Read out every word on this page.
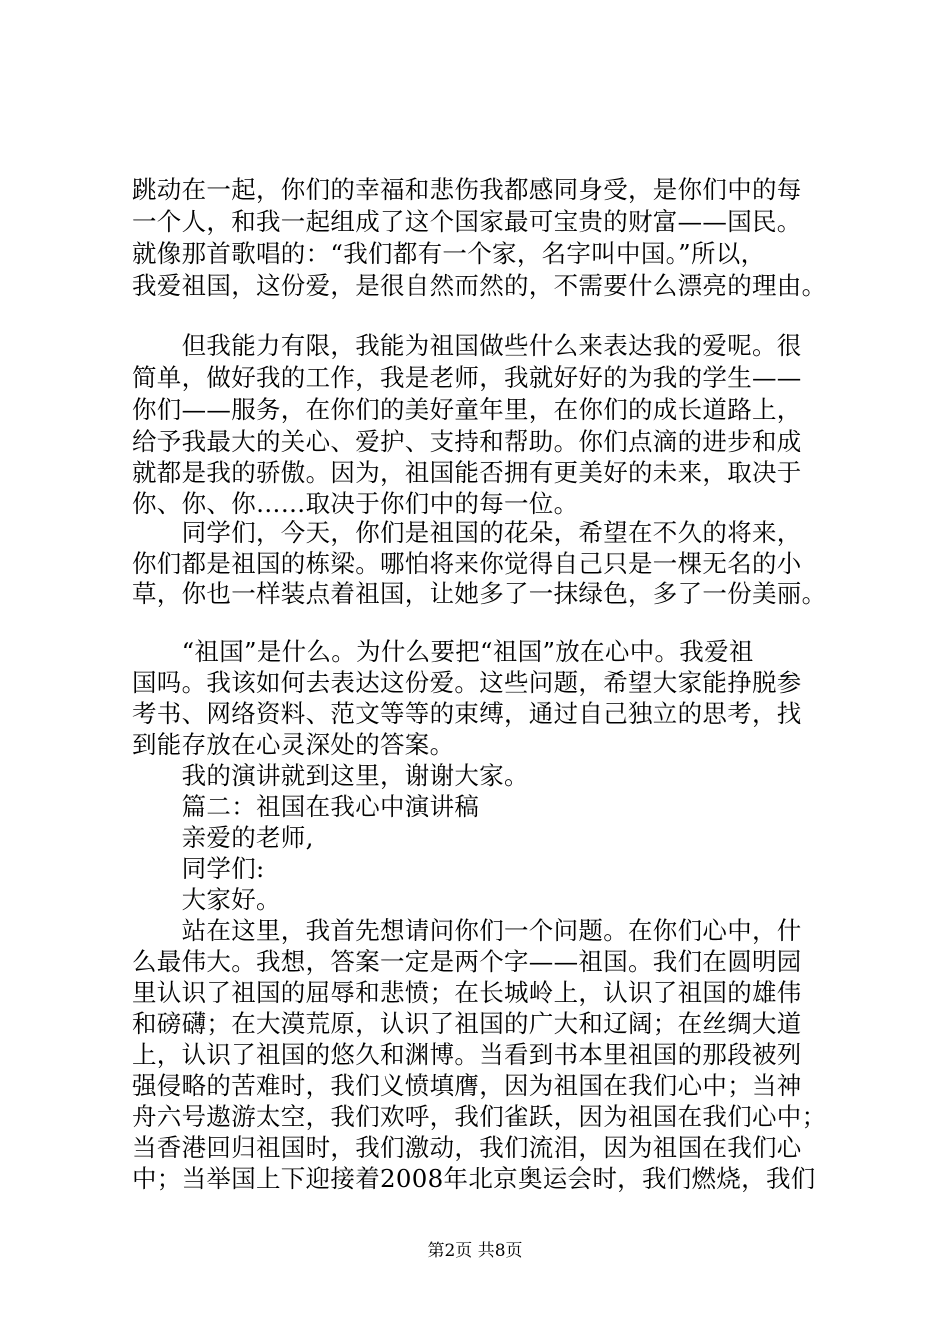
跳动在一起，你们的幸福和悲伤我都感同身受，是你们中的每
一个人，和我一起组成了这个国家最可宝贵的财富——国民。
就像那首歌唱的：“我们都有一个家，名字叫中国。”所以，
我爱祖国，这份爱，是很自然而然的，不需要什么漂亮的理由。
　　但我能力有限，我能为祖国做些什么来表达我的爱呢。很
简单，做好我的工作，我是老师，我就好好的为我的学生——
你们——服务，在你们的美好童年里，在你们的成长道路上，
给予我最大的关心、爱护、支持和帮助。你们点滴的进步和成
就都是我的骄傲。因为，祖国能否拥有更美好的未来，取决于
你、你、你……取决于你们中的每一位。
　　同学们，今天，你们是祖国的花朵，希望在不久的将来，
你们都是祖国的栋梁。哪怕将来你觉得自己只是一棵无名的小
草，你也一样装点着祖国，让她多了一抹绿色，多了一份美丽。
　　“祖国”是什么。为什么要把“祖国”放在心中。我爱祖
国吗。我该如何去表达这份爱。这些问题，希望大家能挣脱参
考书、网络资料、范文等等的束缚，通过自己独立的思考，找
到能存放在心灵深处的答案。
　　我的演讲就到这里，谢谢大家。
　　篇二：祖国在我心中演讲稿
　　亲爱的老师,
　　同学们:
　　大家好。
　　站在这里，我首先想请问你们一个问题。在你们心中，什
么最伟大。我想，答案一定是两个字——祖国。我们在圆明园
里认识了祖国的屈辱和悲愤；在长城岭上，认识了祖国的雄伟
和磅礴；在大漠荒原，认识了祖国的广大和辽阔；在丝绸大道
上，认识了祖国的悠久和渊博。当看到书本里祖国的那段被列
强侵略的苦难时，我们义愤填膺，因为祖国在我们心中；当神
舟六号遨游太空，我们欢呼，我们雀跃，因为祖国在我们心中；
当香港回归祖国时，我们激动，我们流泪，因为祖国在我们心
中；当举国上下迎接着2008年北京奥运会时，我们燃烧，我们
第2页 共8页
